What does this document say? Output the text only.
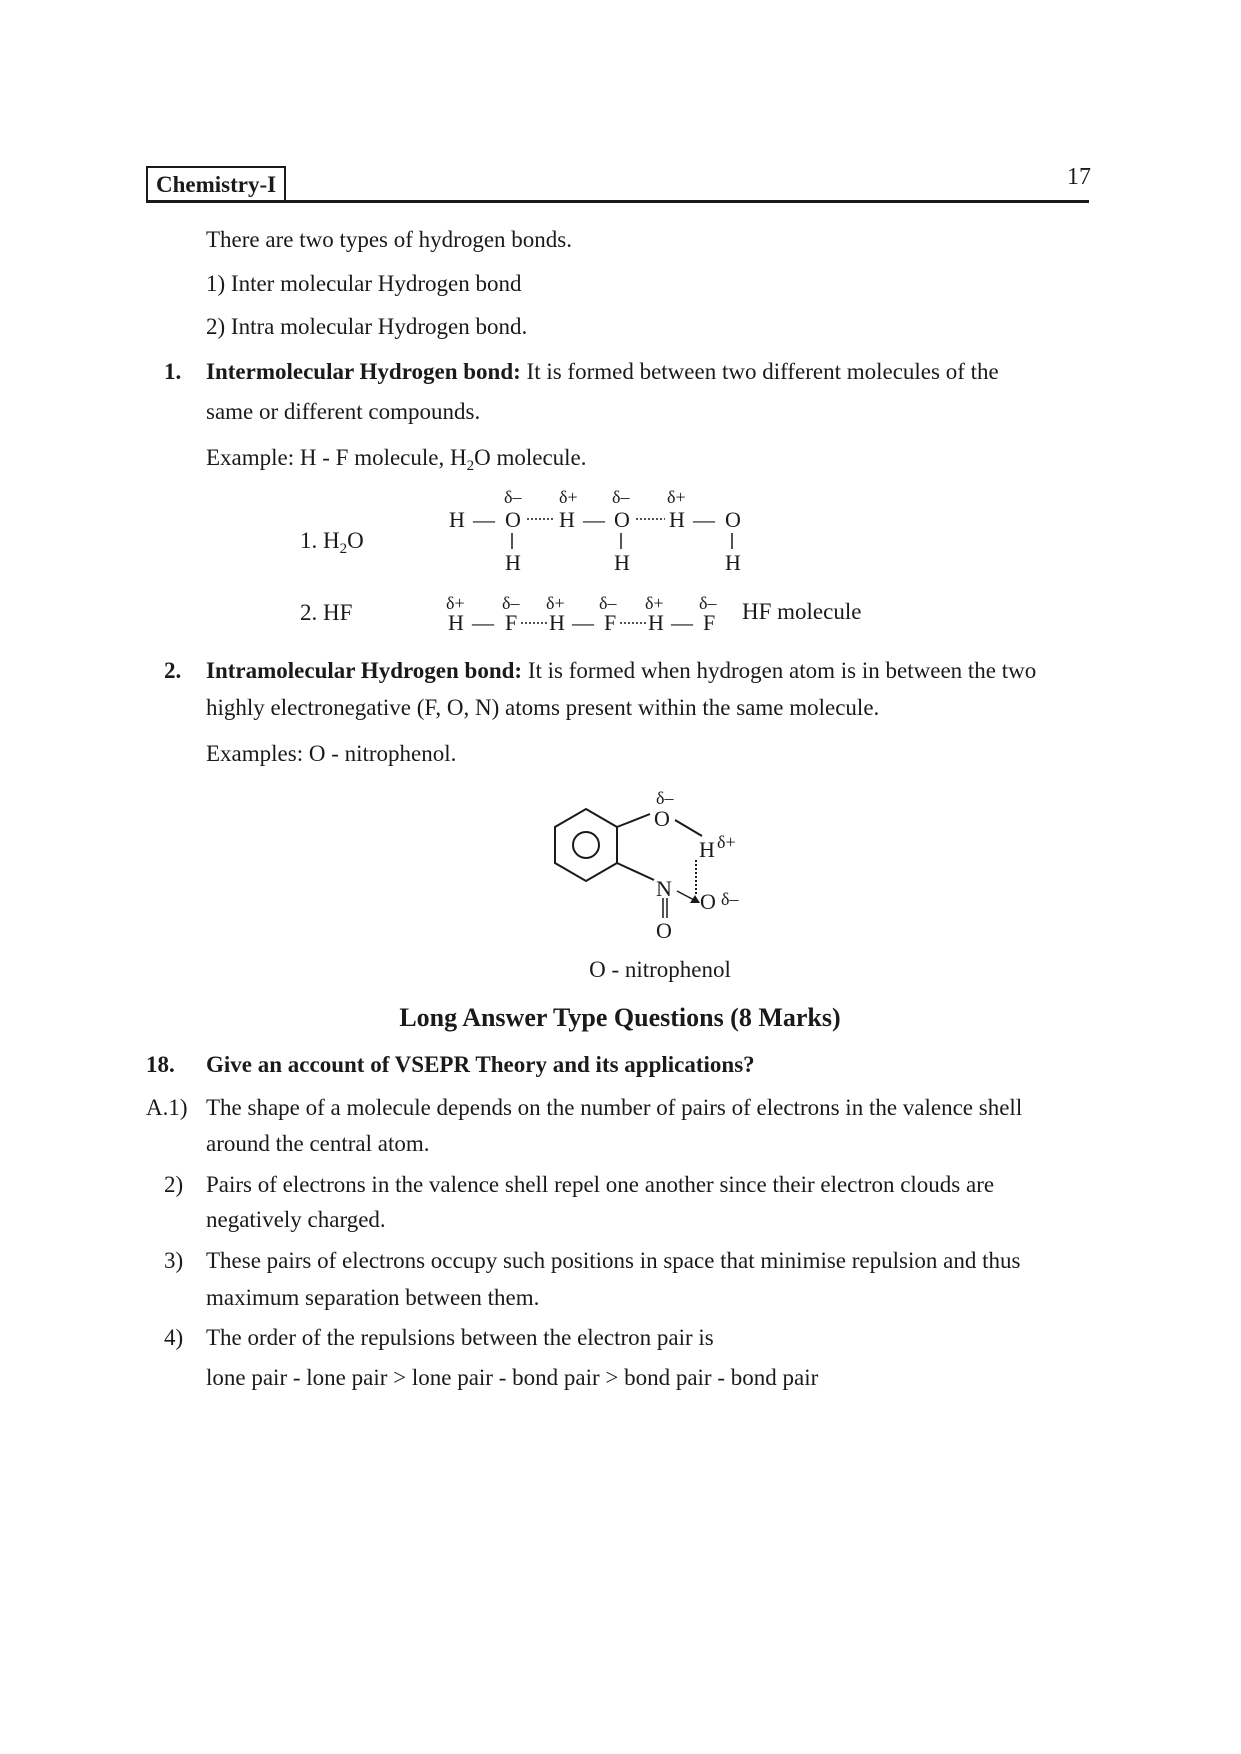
Chemistry-I	17
There are two types of hydrogen bonds.
1) Inter molecular Hydrogen bond
2) Intra molecular Hydrogen bond.
1. Intermolecular Hydrogen bond: It is formed between two different molecules of the
same or different compounds.
Example: H - F molecule, $H_2O$ molecule.
1. $H_2O$
δ– δ+ δ– δ+
H — O H — O H — O
H	H	H
2. HF	δ+ δ– δ+ δ– δ+ δ–
H — F H — F H — F HF molecule
2. Intramolecular Hydrogen bond: It is formed when hydrogen atom is in between the two
highly electronegative (F, O, N) atoms present within the same molecule.
Examples: O - nitrophenol.
δ–
O
H δ+
N
O δ–
O
O - nitrophenol
Long Answer Type Questions (8 Marks)
18. Give an account of VSEPR Theory and its applications?
A.1) The shape of a molecule depends on the number of pairs of electrons in the valence shell
around the central atom.
2) Pairs of electrons in the valence shell repel one another since their electron clouds are
negatively charged.
3) These pairs of electrons occupy such positions in space that minimise repulsion and thus
maximum separation between them.
4) The order of the repulsions between the electron pair is
lone pair - lone pair > lone pair - bond pair > bond pair - bond pair
